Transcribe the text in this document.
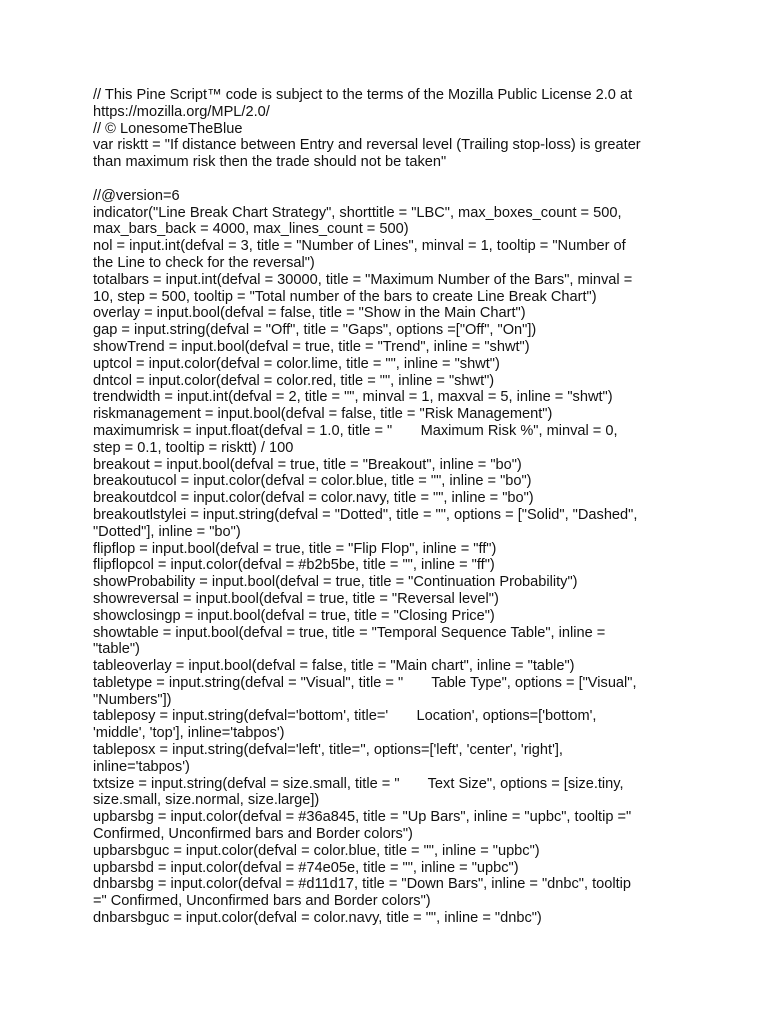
// This Pine Script™ code is subject to the terms of the Mozilla Public License 2.0 at
https://mozilla.org/MPL/2.0/
// © LonesomeTheBlue
var risktt = "If distance between Entry and reversal level (Trailing stop-loss) is greater
than maximum risk then the trade should not be taken"
//@version=6
indicator("Line Break Chart Strategy", shorttitle = "LBC", max_boxes_count = 500,
max_bars_back = 4000, max_lines_count = 500)
nol = input.int(defval = 3, title = "Number of Lines", minval = 1, tooltip = "Number of
the Line to check for the reversal")
totalbars = input.int(defval = 30000, title = "Maximum Number of the Bars", minval =
10, step = 500, tooltip = "Total number of the bars to create Line Break Chart")
overlay = input.bool(defval = false, title = "Show in the Main Chart")
gap = input.string(defval = "Off", title = "Gaps", options =["Off", "On"])
showTrend = input.bool(defval = true, title = "Trend", inline = "shwt")
uptcol = input.color(defval = color.lime, title = "", inline = "shwt")
dntcol = input.color(defval = color.red, title = "", inline = "shwt")
trendwidth = input.int(defval = 2, title = "", minval = 1, maxval = 5, inline = "shwt")
riskmanagement = input.bool(defval = false, title = "Risk Management")
maximumrisk = input.float(defval = 1.0, title = "       Maximum Risk %", minval = 0,
step = 0.1, tooltip = risktt) / 100
breakout = input.bool(defval = true, title = "Breakout", inline = "bo")
breakoutucol = input.color(defval = color.blue, title = "", inline = "bo")
breakoutdcol = input.color(defval = color.navy, title = "", inline = "bo")
breakoutlstylei = input.string(defval = "Dotted", title = "", options = ["Solid", "Dashed",
"Dotted"], inline = "bo")
flipflop = input.bool(defval = true, title = "Flip Flop", inline = "ff")
flipflopcol = input.color(defval = #b2b5be, title = "", inline = "ff")
showProbability = input.bool(defval = true, title = "Continuation Probability")
showreversal = input.bool(defval = true, title = "Reversal level")
showclosingp = input.bool(defval = true, title = "Closing Price")
showtable = input.bool(defval = true, title = "Temporal Sequence Table", inline =
"table")
tableoverlay = input.bool(defval = false, title = "Main chart", inline = "table")
tabletype = input.string(defval = "Visual", title = "       Table Type", options = ["Visual",
"Numbers"])
tableposy = input.string(defval='bottom', title='       Location', options=['bottom',
'middle', 'top'], inline='tabpos')
tableposx = input.string(defval='left', title='', options=['left', 'center', 'right'],
inline='tabpos')
txtsize = input.string(defval = size.small, title = "       Text Size", options = [size.tiny,
size.small, size.normal, size.large])
upbarsbg = input.color(defval = #36a845, title = "Up Bars", inline = "upbc", tooltip ="
Confirmed, Unconfirmed bars and Border colors")
upbarsbguc = input.color(defval = color.blue, title = "", inline = "upbc")
upbarsbd = input.color(defval = #74e05e, title = "", inline = "upbc")
dnbarsbg = input.color(defval = #d11d17, title = "Down Bars", inline = "dnbc", tooltip
=" Confirmed, Unconfirmed bars and Border colors")
dnbarsbguc = input.color(defval = color.navy, title = "", inline = "dnbc")
